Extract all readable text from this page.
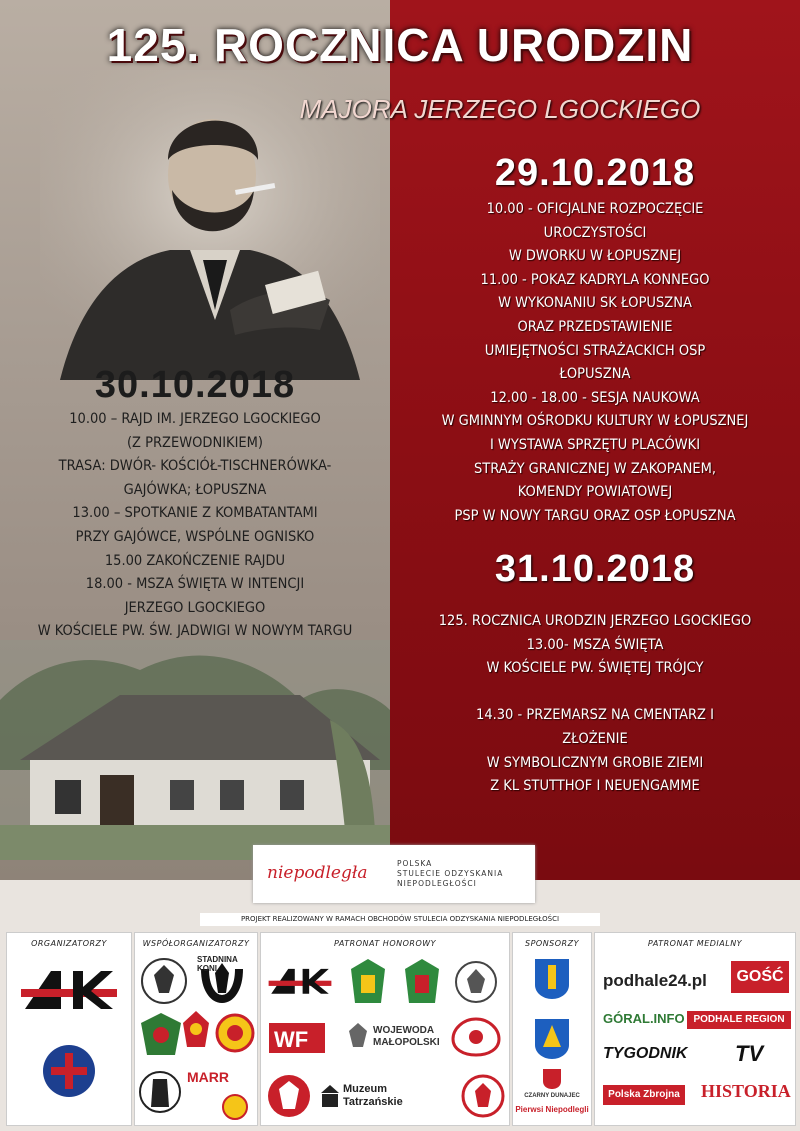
125. ROCZNICA URODZIN
MAJORA JERZEGO LGOCKIEGO
29.10.2018
10.00 - OFICJALNE ROZPOCZĘCIE
UROCZYSTOŚCI
W DWORKU W ŁOPUSZNEJ
11.00 - POKAZ KADRYLA KONNEGO
W WYKONANIU SK ŁOPUSZNA
ORAZ PRZEDSTAWIENIE
UMIEJĘTNOŚCI STRAŻACKICH OSP
ŁOPUSZNA
12.00 - 18.00 - SESJA NAUKOWA
W GMINNYM OŚRODKU KULTURY W ŁOPUSZNEJ
I WYSTAWA SPRZĘTU PLACÓWKI
STRAŻY GRANICZNEJ W ZAKOPANEM,
KOMENDY POWIATOWEJ
PSP W NOWY TARGU ORAZ OSP ŁOPUSZNA
30.10.2018
10.00 – RAJD IM. JERZEGO LGOCKIEGO
(Z PRZEWODNIKIEM)
TRASA: DWÓR- KOŚCIÓŁ-TISCHNERÓWKA-
GAJÓWKA; ŁOPUSZNA
13.00 – SPOTKANIE Z KOMBATANTAMI
PRZY GAJÓWCE, WSPÓLNE OGNISKO
15.00 ZAKOŃCZENIE RAJDU
18.00 - MSZA ŚWIĘTA W INTENCJI
JERZEGO LGOCKIEGO
W KOŚCIELE PW. ŚW. JADWIGI W NOWYM TARGU
31.10.2018
125. ROCZNICA URODZIN JERZEGO LGOCKIEGO
13.00- MSZA ŚWIĘTA
W KOŚCIELE PW. ŚWIĘTEJ TRÓJCY

14.30 - PRZEMARSZ NA CMENTARZ I
ZŁOŻENIE
W SYMBOLICZNYM GROBIE ZIEMI
Z KL STUTTHOF I NEUENGAMME
niepodległa	POLSKA
STULECIE ODZYSKANIA
NIEPODLEGŁOŚCI
PROJEKT REALIZOWANY W RAMACH OBCHODÓW STULECIA ODZYSKANIA NIEPODLEGŁOŚCI
ORGANIZATORZY	WSPÓŁORGANIZATORZY
STADNINA KONI
MARR
PATRONAT HONOROWY
WF	WOJEWODA
MAŁOPOLSKI
Muzeum
Tatrzańskie
SPONSORZY
CZARNY DUNAJEC
Pierwsi Niepodlegli
PATRONAT MEDIALNY
podhale24.pl	GOŚĆ
GÓRAL.INFO PODHALE REGION
TYGODNIK TV
Polska Zbrojna HISTORIA
